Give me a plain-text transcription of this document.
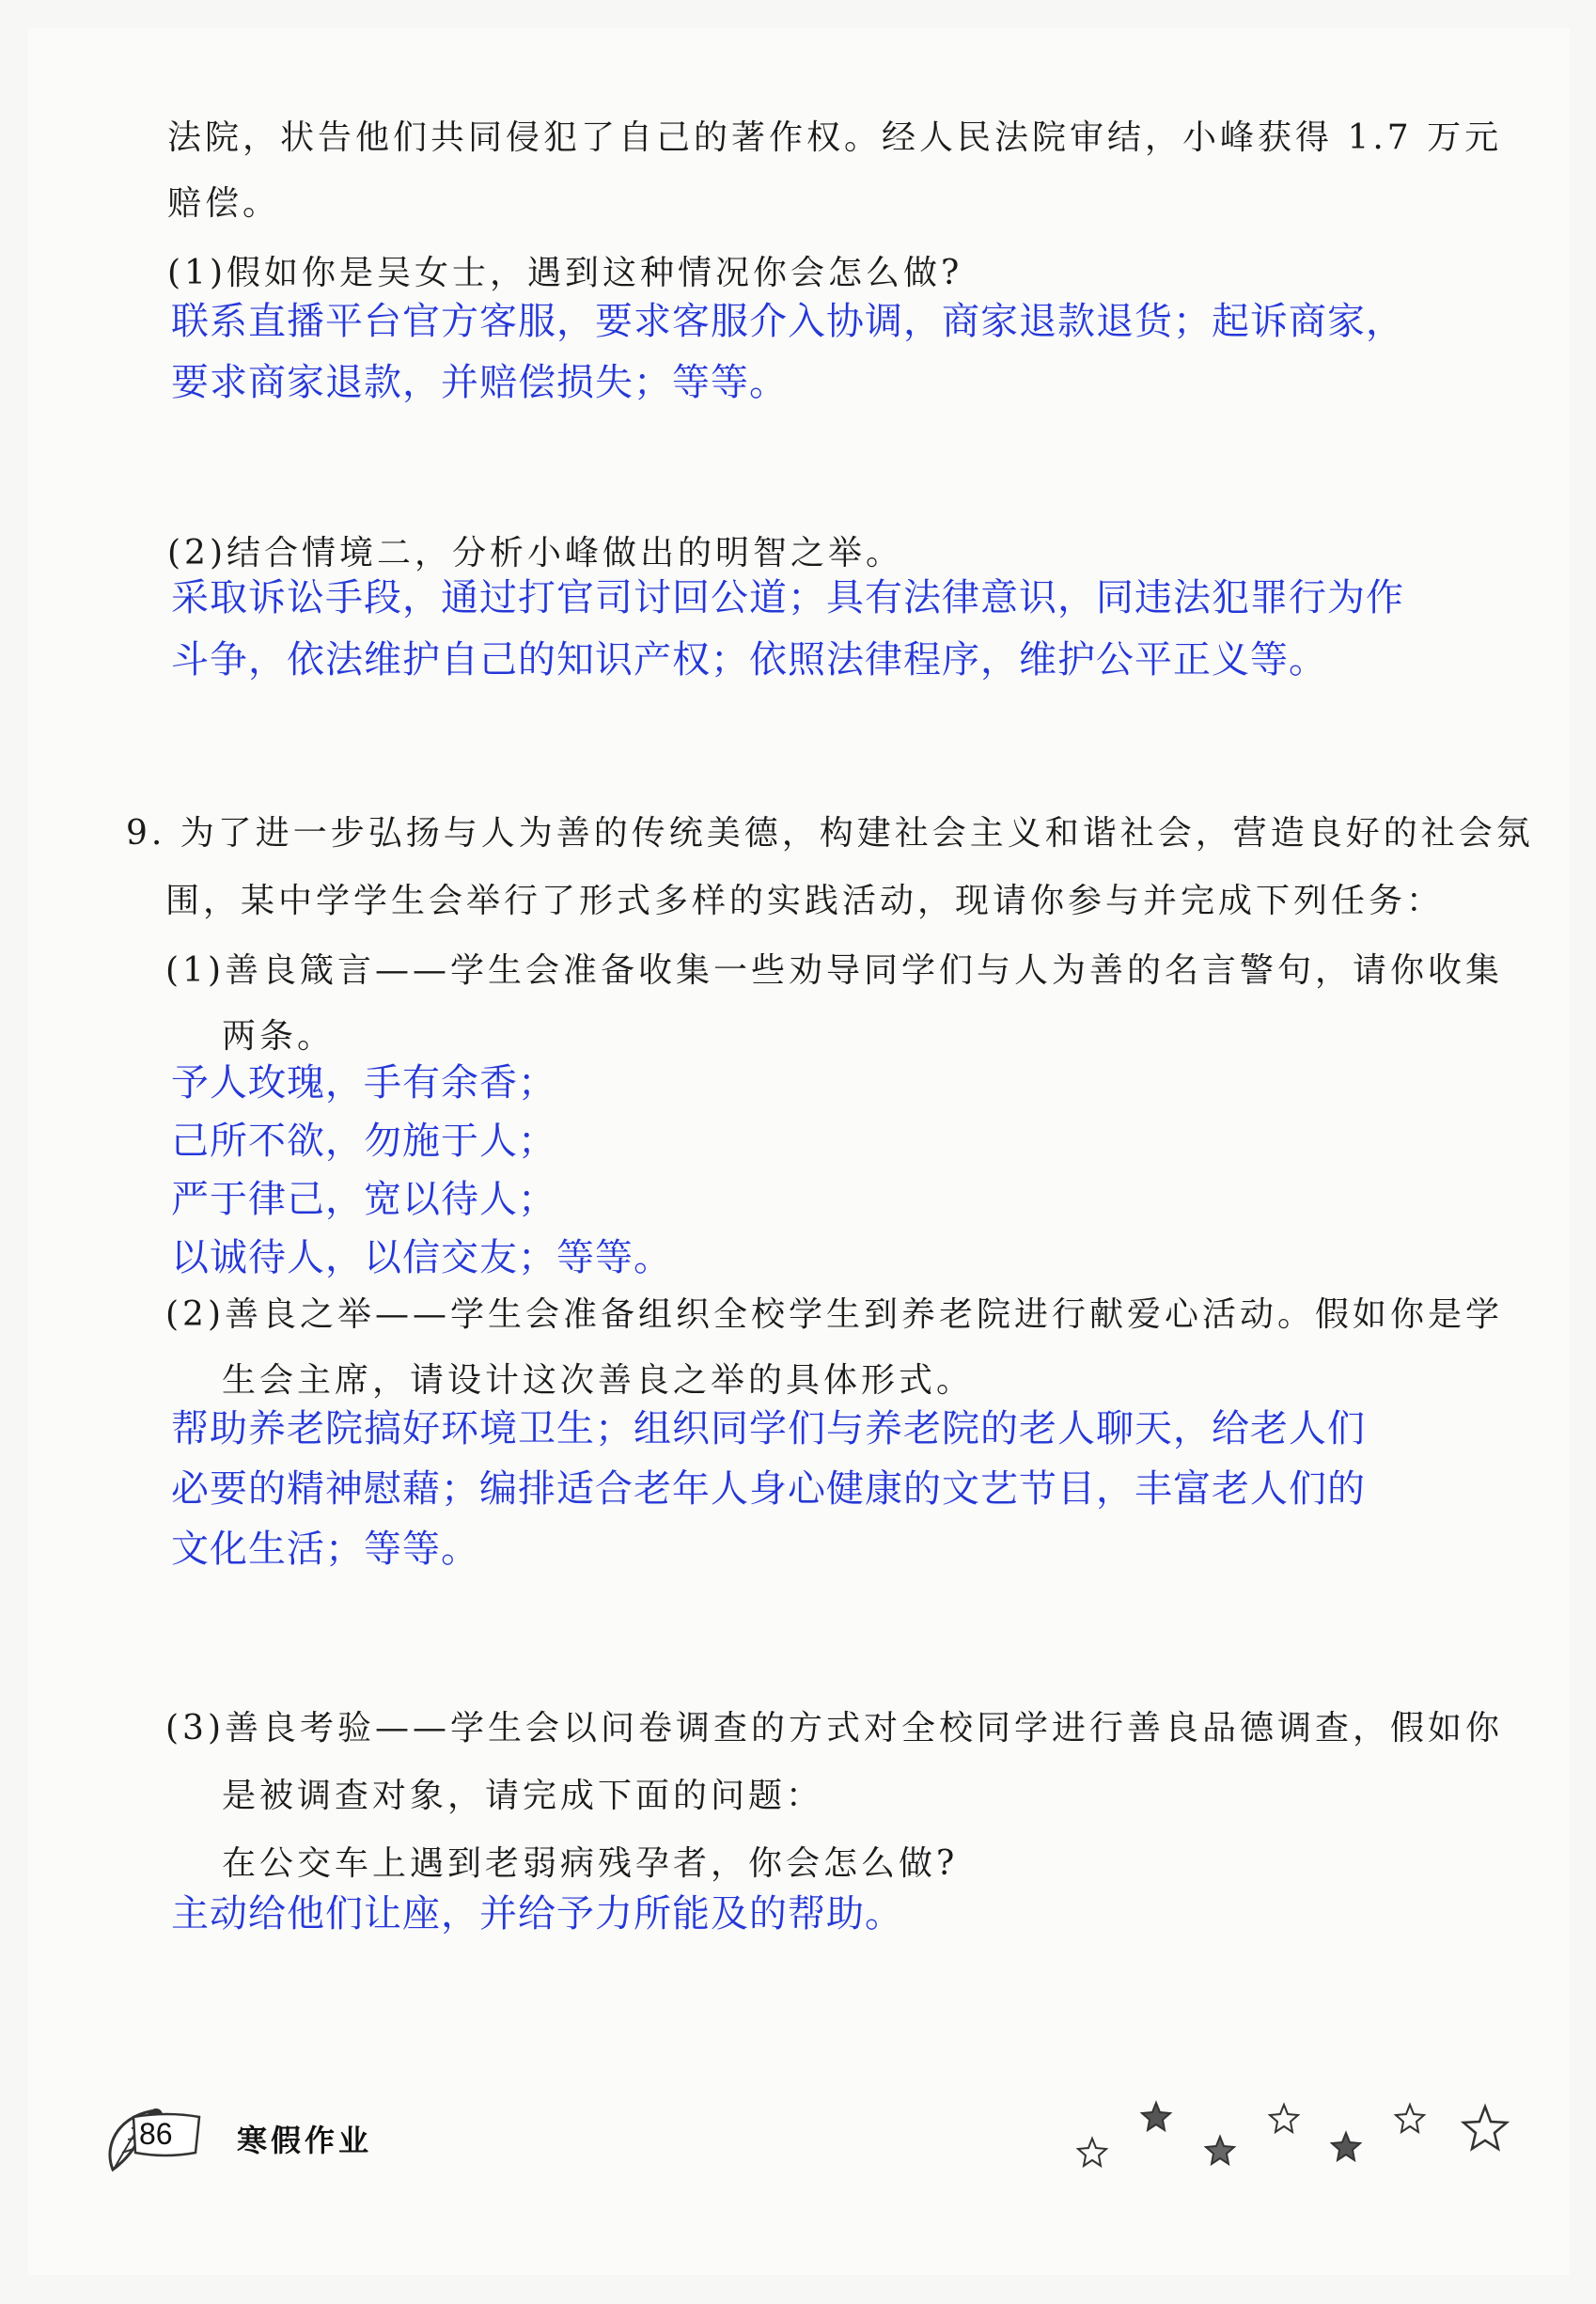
法院，状告他们共同侵犯了自己的著作权。经人民法院审结，小峰获得 1.7 万元
赔偿。
(1)假如你是吴女士，遇到这种情况你会怎么做?
联系直播平台官方客服，要求客服介入协调，商家退款退货；起诉商家，
要求商家退款，并赔偿损失；等等。
(2)结合情境二，分析小峰做出的明智之举。
采取诉讼手段，通过打官司讨回公道；具有法律意识，同违法犯罪行为作
斗争，依法维护自己的知识产权；依照法律程序，维护公平正义等。
9. 为了进一步弘扬与人为善的传统美德，构建社会主义和谐社会，营造良好的社会氛
围，某中学学生会举行了形式多样的实践活动，现请你参与并完成下列任务：
(1)善良箴言——学生会准备收集一些劝导同学们与人为善的名言警句，请你收集
两条。
予人玫瑰，手有余香；
己所不欲，勿施于人；
严于律己，宽以待人；
以诚待人，以信交友；等等。
(2)善良之举——学生会准备组织全校学生到养老院进行献爱心活动。假如你是学
生会主席，请设计这次善良之举的具体形式。
帮助养老院搞好环境卫生；组织同学们与养老院的老人聊天，给老人们
必要的精神慰藉；编排适合老年人身心健康的文艺节目，丰富老人们的
文化生活；等等。
(3)善良考验——学生会以问卷调查的方式对全校同学进行善良品德调查，假如你
是被调查对象，请完成下面的问题：
在公交车上遇到老弱病残孕者，你会怎么做?
主动给他们让座，并给予力所能及的帮助。
86 寒假作业
